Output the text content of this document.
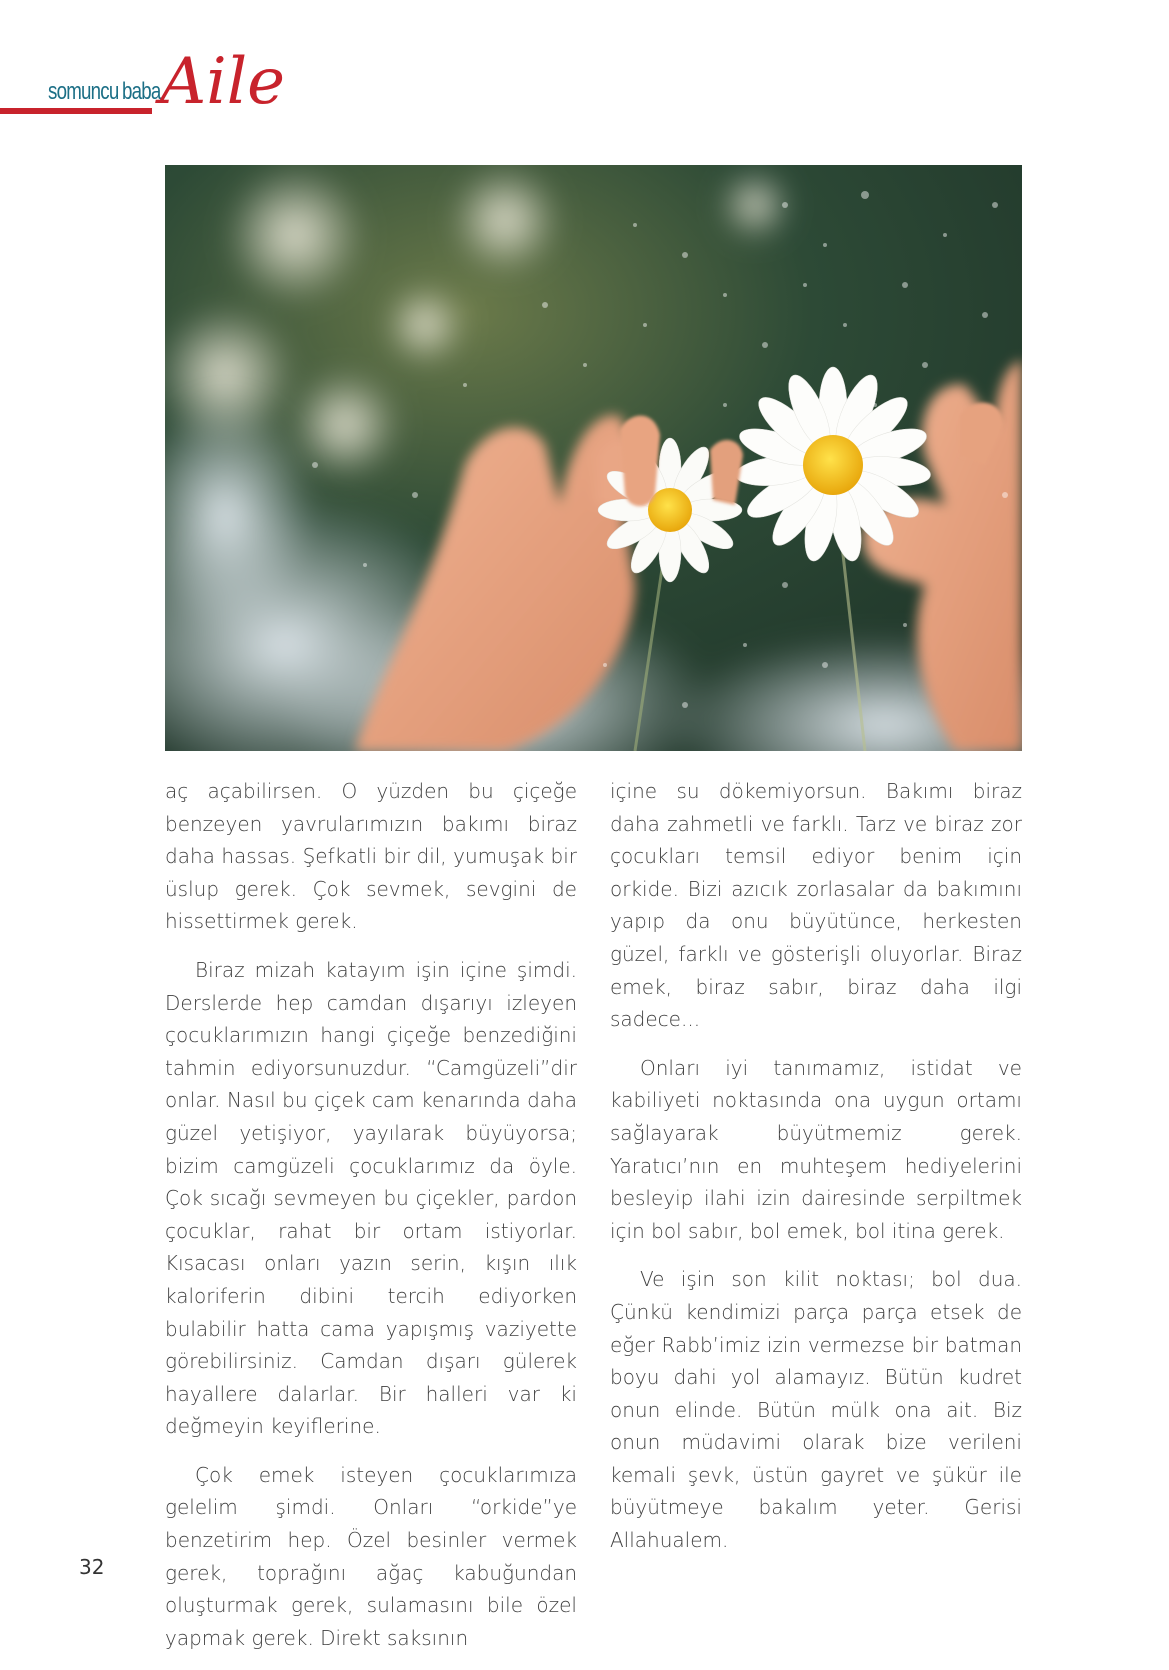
somuncu baba Aile

aç açabilirsen. O yüzden bu çiçeğe benzeyen yavrularımızın bakımı biraz daha hassas. Şefkatli bir dil, yumuşak bir üslup gerek. Çok sevmek, sevgini de hissettirmek gerek.

Biraz mizah katayım işin içine şimdi. Derslerde hep camdan dışarıyı izleyen çocuklarımızın hangi çiçeğe benzediğini tahmin ediyorsunuzdur. “Camgüzeli”dir onlar. Nasıl bu çiçek cam kenarında daha güzel yetişiyor, yayılarak büyüyorsa; bizim camgüzeli çocuklarımız da öyle. Çok sıcağı sevmeyen bu çiçekler, pardon çocuklar, rahat bir ortam istiyorlar. Kısacası onları yazın serin, kışın ılık kaloriferin dibini tercih ediyorken bulabilir hatta cama yapışmış vaziyette görebilirsiniz. Camdan dışarı gülerek hayallere dalarlar. Bir halleri var ki değmeyin keyiflerine.

Çok emek isteyen çocuklarımıza gelelim şimdi. Onları “orkide”ye benzetirim hep. Özel besinler vermek gerek, toprağını ağaç kabuğundan oluşturmak gerek, sulamasını bile özel yapmak gerek. Direkt saksının

içine su dökemiyorsun. Bakımı biraz daha zahmetli ve farklı. Tarz ve biraz zor çocukları temsil ediyor benim için orkide. Bizi azıcık zorlasalar da bakımını yapıp da onu büyütünce, herkesten güzel, farklı ve gösterişli oluyorlar. Biraz emek, biraz sabır, biraz daha ilgi sadece...

Onları iyi tanımamız, istidat ve kabiliyeti noktasında ona uygun ortamı sağlayarak büyütmemiz gerek. Yaratıcı’nın en muhteşem hediyelerini besleyip ilahi izin dairesinde serpiltmek için bol sabır, bol emek, bol itina gerek.

Ve işin son kilit noktası; bol dua. Çünkü kendimizi parça parça etsek de eğer Rabb’imiz izin vermezse bir batman boyu dahi yol alamayız. Bütün kudret onun elinde. Bütün mülk ona ait. Biz onun müdavimi olarak bize verileni kemali şevk, üstün gayret ve şükür ile büyütmeye bakalım yeter. Gerisi Allahualem.

32
